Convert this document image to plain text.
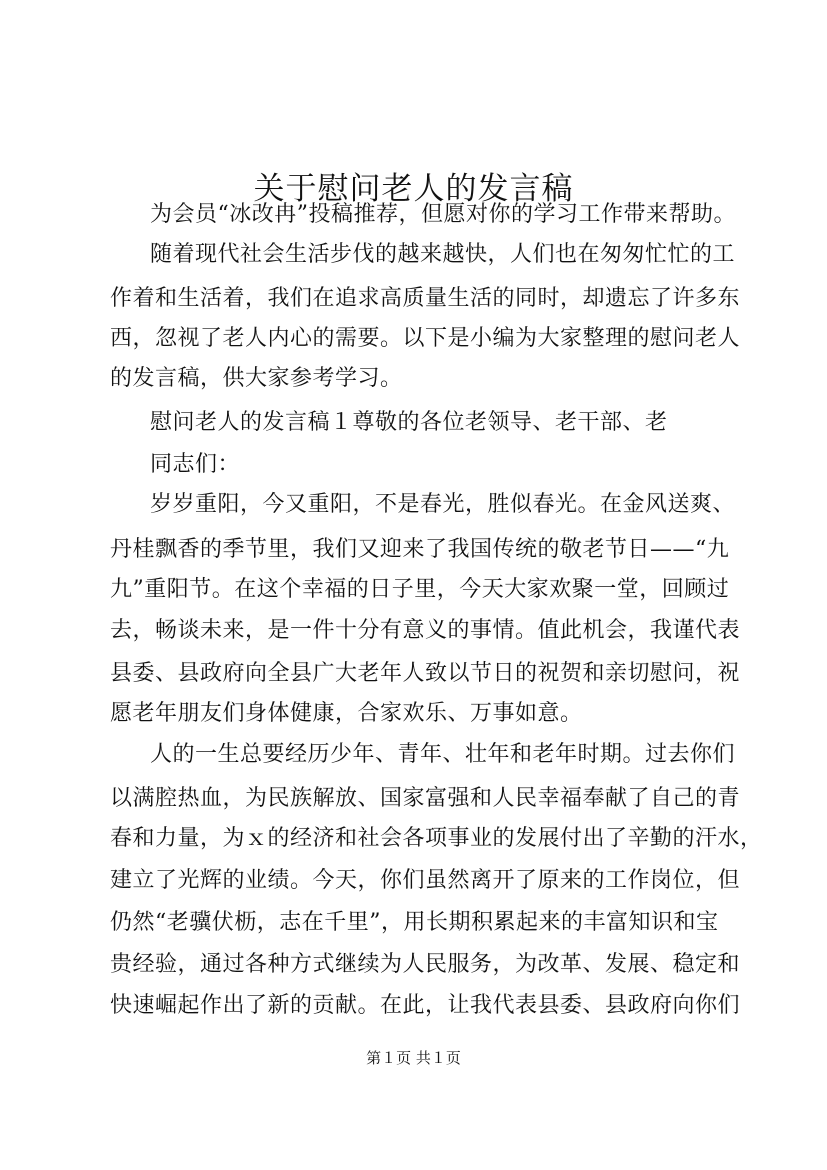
关于慰问老人的发言稿
为会员“冰改冉”投稿推荐，但愿对你的学习工作带来帮助。
随着现代社会生活步伐的越来越快，人们也在匆匆忙忙的工
作着和生活着，我们在追求高质量生活的同时，却遗忘了许多东
西，忽视了老人内心的需要。以下是小编为大家整理的慰问老人
的发言稿，供大家参考学习。
慰问老人的发言稿１尊敬的各位老领导、老干部、老
同志们：
岁岁重阳，今又重阳，不是春光，胜似春光。在金风送爽、
丹桂飘香的季节里，我们又迎来了我国传统的敬老节日——“九
九”重阳节。在这个幸福的日子里，今天大家欢聚一堂，回顾过
去，畅谈未来，是一件十分有意义的事情。值此机会，我谨代表
县委、县政府向全县广大老年人致以节日的祝贺和亲切慰问，祝
愿老年朋友们身体健康，合家欢乐、万事如意。
人的一生总要经历少年、青年、壮年和老年时期。过去你们
以满腔热血，为民族解放、国家富强和人民幸福奉献了自己的青
春和力量，为ｘ的经济和社会各项事业的发展付出了辛勤的汗水，
建立了光辉的业绩。今天，你们虽然离开了原来的工作岗位，但
仍然“老骥伏枥，志在千里”，用长期积累起来的丰富知识和宝
贵经验，通过各种方式继续为人民服务，为改革、发展、稳定和
快速崛起作出了新的贡献。在此，让我代表县委、县政府向你们
第１页 共１页
